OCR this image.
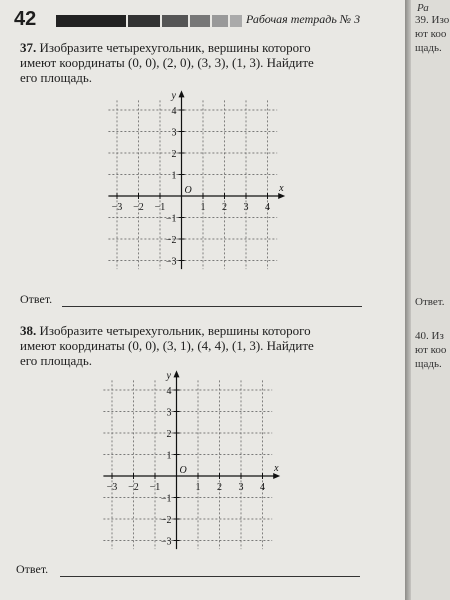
42	Рабочая тетрадь № 3
37. Изобразите четырехугольник, вершины которого
имеют координаты (0, 0), (2, 0), (3, 3), (1, 3). Найдите
его площадь.
−3 −2 −1	1 2 3 4
4
3
2
1
−1
−2
−3
O	x
y
Ответ.
38. Изобразите четырехугольник, вершины которого
имеют координаты (0, 0), (3, 1), (4, 4), (1, 3). Найдите
его площадь.
−3 −2 −1	1 2 3 4
4
3
2
1
−1
−2
−3
O	x
y
Ответ.
Ра
39. Изо
ют коо
щадь.
Ответ.
40. Из
ют коо
щадь.
